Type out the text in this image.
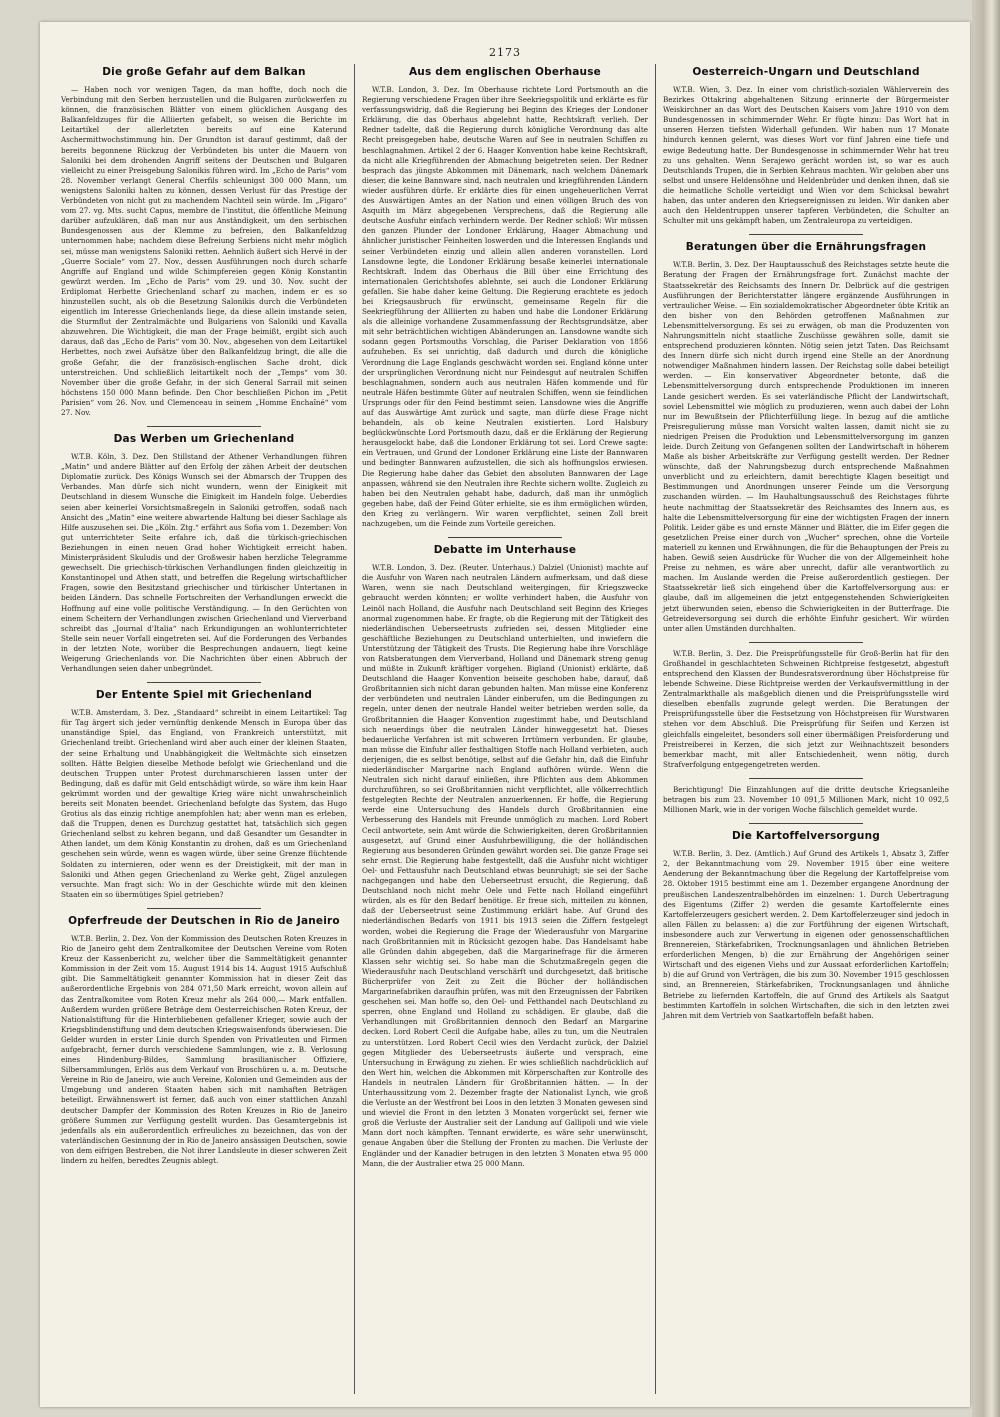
2173
Die große Gefahr auf dem Balkan

— Haben noch vor wenigen Tagen, da man hoffte, doch noch die Verbindung mit den Serben herzustellen und die Bulgaren zurückwerfen zu können, die französischen Blätter von einem glücklichen Ausgang des Balkanfeldzuges für die Alliierten gefabelt, so weisen die Berichte im Leitartikel der allerletzten bereits auf eine Katerund Aschermittwochstimmung hin. Der Grundton ist darauf gestimmt, daß der bereits begonnene Rückzug der Verbündeten bis unter die Mauern von Saloniki bei dem drohenden Angriff seitens der Deutschen und Bulgaren vielleicht zu einer Preisgebung Salonikis führen wird. Im „Echo de Paris“ vom 28. November verlangt General Cherfils schleunigst 300 000 Mann, um wenigstens Saloniki halten zu können, dessen Verlust für das Prestige der Verbündeten von nicht gut zu machendem Nachteil sein würde. Im „Figaro“ vom 27. vg. Mts. sucht Capus, membre de l'institut, die öffentliche Meinung darüber aufzuklären, daß man nur aus Anständigkeit, um den serbischen Bundesgenossen aus der Klemme zu befreien, den Balkanfeldzug unternommen habe; nachdem diese Befreiung Serbiens nicht mehr möglich sei, müsse man wenigstens Saloniki retten. Aehnlich äußert sich Hervé in der „Guerre Sociale“ vom 27. Nov., dessen Ausführungen noch durch scharfe Angriffe auf England und wilde Schimpfereien gegen König Konstantin gewürzt werden. Im „Echo de Paris“ vom 29. und 30. Nov. sucht der Erdiplomat Herbette Griechenland scharf zu machen, indem er es so hinzustellen sucht, als ob die Besetzung Salonikis durch die Verbündeten eigentlich im Interesse Griechenlands liege, da diese allein imstande seien, die Sturmflut der Zentralmächte und Bulgariens von Saloniki und Kavalla abzuwehren. Die Wichtigkeit, die man der Frage beimißt, ergibt sich auch daraus, daß das „Echo de Paris“ vom 30. Nov., abgesehen von dem Leitartikel Herbettes, noch zwei Aufsätze über den Balkanfeldzug bringt, die alle die große Gefahr, die der französisch-englischen Sache droht, dick unterstreichen. Und schließlich leitartikelt noch der „Temps“ vom 30. November über die große Gefahr, in der sich General Sarrail mit seinen höchstens 150 000 Mann befinde. Den Chor beschließen Pichon im „Petit Parisien“ vom 26. Nov. und Clemenceau in seinem „Homme Enchaîné“ vom 27. Nov.

Das Werben um Griechenland

W.T.B. Köln, 3. Dez. Den Stillstand der Athener Verhandlungen führen „Matin“ und andere Blätter auf den Erfolg der zähen Arbeit der deutschen Diplomatie zurück. Des Königs Wunsch sei der Abmarsch der Truppen des Verbandes. Man dürfe sich nicht wundern, wenn der Einigkeit mit Deutschland in diesem Wunsche die Einigkeit im Handeln folge. Ueberdies seien aber keinerlei Vorsichtsmaßregeln in Saloniki getroffen, sodaß nach Ansicht des „Matin“ eine weitere abwartende Haltung bei dieser Sachlage als Hilfe auszusehen sei. Die „Köln. Ztg.“ erfährt aus Sofia vom 1. Dezember: Von gut unterrichteter Seite erfahre ich, daß die türkisch-griechischen Beziehungen in einen neuen Grad hoher Wichtigkeit erreicht haben. Ministerpräsident Skuludis und der Großwesir haben herzliche Telegramme gewechselt. Die griechisch-türkischen Verhandlungen finden gleichzeitig in Konstantinopel und Athen statt, und betreffen die Regelung wirtschaftlicher Fragen, sowie den Besitzstand griechischer und türkischer Untertanen in beiden Ländern. Das schnelle Fortschreiten der Verhandlungen erweckt die Hoffnung auf eine volle politische Verständigung. — In den Gerüchten von einem Scheitern der Verhandlungen zwischen Griechenland und Vierverband schreibt das „Journal d'Italia“ nach Erkundigungen an wohlunterrichteter Stelle sein neuer Vorfall eingetreten sei. Auf die Forderungen des Verbandes in der letzten Note, worüber die Besprechungen andauern, liegt keine Weigerung Griechenlands vor. Die Nachrichten über einen Abbruch der Verhandlungen seien daher unbegründet.

Der Entente Spiel mit Griechenland

W.T.B. Amsterdam, 3. Dez. „Standaard“ schreibt in einem Leitartikel: Tag für Tag ärgert sich jeder vernünftig denkende Mensch in Europa über das unanständige Spiel, das England, von Frankreich unterstützt, mit Griechenland treibt. Griechenland wird aber auch einer der kleinen Staaten, der seine Erhaltung und Unabhängigkeit die Weltmächte sich einsetzen sollten. Hätte Belgien dieselbe Methode befolgt wie Griechenland und die deutschen Truppen unter Protest durchmarschieren lassen unter der Bedingung, daß es dafür mit Geld entschädigt würde, so wäre ihm kein Haar gekrümmt worden und der gewaltige Krieg wäre nicht unwahrscheinlich bereits seit Monaten beendet. Griechenland befolgte das System, das Hugo Grotius als das einzig richtige anempfohlen hat; aber wenn man es erleben, daß die Truppen, denen es Durchzug gestattet hat, tatsächlich sich gegen Griechenland selbst zu kehren begann, und daß Gesandter um Gesandter in Athen landet, um dem König Konstantin zu drohen, daß es um Griechenland geschehen sein würde, wenn es wagen würde, über seine Grenze flüchtende Soldaten zu internieren, oder wenn es der Dreistigkeit, mit der man in Saloniki und Athen gegen Griechenland zu Werke geht, Zügel anzulegen versuchte. Man fragt sich: Wo in der Geschichte würde mit den kleinen Staaten ein so übermütiges Spiel getrieben?

Opferfreude der Deutschen in Rio de Janeiro

W.T.B. Berlin, 2. Dez. Von der Kommission des Deutschen Roten Kreuzes in Rio de Janeiro geht dem Zentralkomitee der Deutschen Vereine vom Roten Kreuz der Kassenbericht zu, welcher über die Sammeltätigkeit genannter Kommission in der Zeit vom 15. August 1914 bis 14. August 1915 Aufschluß gibt. Die Sammeltätigkeit genannter Kommission hat in dieser Zeit das außerordentliche Ergebnis von 284 071,50 Mark erreicht, wovon allein auf das Zentralkomitee vom Roten Kreuz mehr als 264 000,— Mark entfallen. Außerdem wurden größere Beträge dem Oesterreichischen Roten Kreuz, der Nationalstiftung für die Hinterbliebenen gefallener Krieger, sowie auch der Kriegsblindenstiftung und dem deutschen Kriegswaisenfonds überwiesen. Die Gelder wurden in erster Linie durch Spenden von Privatleuten und Firmen aufgebracht, ferner durch verschiedene Sammlungen, wie z. B. Verlosung eines Hindenburg-Bildes, Sammlung brasilianischer Offiziere, Silbersammlungen, Erlös aus dem Verkauf von Broschüren u. a. m. Deutsche Vereine in Rio de Janeiro, wie auch Vereine, Kolonien und Gemeinden aus der Umgebung und anderen Staaten haben sich mit namhaften Beträgen beteiligt. Erwähnenswert ist ferner, daß auch von einer stattlichen Anzahl deutscher Dampfer der Kommission des Roten Kreuzes in Rio de Janeiro größere Summen zur Verfügung gestellt wurden. Das Gesamtergebnis ist jedenfalls als ein außerordentlich erfreuliches zu bezeichnen, das von der vaterländischen Gesinnung der in Rio de Janeiro ansässigen Deutschen, sowie von dem eifrigen Bestreben, die Not ihrer Landsleute in dieser schweren Zeit lindern zu helfen, beredtes Zeugnis ablegt.

Aus dem englischen Oberhause

W.T.B. London, 3. Dez. Im Oberhause richtete Lord Portsmouth an die Regierung verschiedene Fragen über ihre Seekriegspolitik und erklärte es für verfassungswidrig, daß die Regierung bei Beginn des Krieges der Londoner Erklärung, die das Oberhaus abgelehnt hatte, Rechtskraft verlieh. Der Redner tadelte, daß die Regierung durch königliche Verordnung das alte Recht preisgegeben habe, deutsche Waren auf See in neutralen Schiffen zu beschlagnahmen. Artikel 2 der 6. Haager Konvention habe keine Rechtskraft, da nicht alle Kriegführenden der Abmachung beigetreten seien. Der Redner besprach das jüngste Abkommen mit Dänemark, nach welchem Dänemark dieser, die keine Bannware sind, nach neutralen und kriegführenden Ländern wieder ausführen dürfe. Er erklärte dies für einen ungeheuerlichen Verrat des Auswärtigen Amtes an der Nation und einen völligen Bruch des von Asquith im März abgegebenen Versprechens, daß die Regierung alle deutsche Ausfuhr einfach verhindern werde. Der Redner schloß: Wir müssen den ganzen Plunder der Londoner Erklärung, Haager Abmachung und ähnlicher juristischer Feinheiten loswerden und die Interessen Englands und seiner Verbündeten einzig und allein allen anderen voranstellen. Lord Lansdowne legte, die Londoner Erklärung besaße keinerlei internationale Rechtskraft. Indem das Oberhaus die Bill über eine Errichtung des internationalen Gerichtshofes ablehnte, sei auch die Londoner Erklärung gefallen. Sie habe daher keine Geltung. Die Regierung erachtete es jedoch bei Kriegsausbruch für erwünscht, gemeinsame Regeln für die Seekriegführung der Alliierten zu haben und habe die Londoner Erklärung als die alleinige vorhandene Zusammenfassung der Rechtsgrundsätze, aber mit sehr beträchtlichen wichtigen Abänderungen an. Lansdowne wandte sich sodann gegen Portsmouths Vorschlag, die Pariser Deklaration von 1856 aufzuheben. Es sei unrichtig, daß dadurch und durch die königliche Verordnung die Lage Englands geschwächt worden sei. England könne unter der ursprünglichen Verordnung nicht nur Feindesgut auf neutralen Schiffen beschlagnahmen, sondern auch aus neutralen Häfen kommende und für neutrale Häfen bestimmte Güter auf neutralen Schiffen, wenn sie feindlichen Ursprungs oder für den Feind bestimmt seien. Lansdowne wies die Angriffe auf das Auswärtige Amt zurück und sagte, man dürfe diese Frage nicht behandeln, als ob keine Neutralen existierten. Lord Halsbury beglückwünschte Lord Portsmouth dazu, daß er die Erklärung der Regierung herausgelockt habe, daß die Londoner Erklärung tot sei. Lord Crewe sagte: ein Vertrauen, und Grund der Londoner Erklärung eine Liste der Bannwaren und bedingter Bannwaren aufzustellen, die sich als hoffnungslos erwiesen. Die Regierung habe daher das Gebiet den absoluten Bannwaren der Lage anpassen, während sie den Neutralen ihre Rechte sichern wollte. Zugleich zu haben bei den Neutralen gehabt habe, dadurch, daß man ihr unmöglich gegeben habe, daß der Feind Güter erhielte, sie es ihm ermöglichen würden, den Krieg zu verlängern. Wir waren verpflichtet, seinen Zoll breit nachzugeben, um die Feinde zum Vorteile gereichen.

Debatte im Unterhause

W.T.B. London, 3. Dez. (Reuter. Unterhaus.) Dalziel (Unionist) machte auf die Ausfuhr von Waren nach neutralen Ländern aufmerksam, und daß diese Waren, wenn sie nach Deutschland weitergingen, für Kriegszwecke gebraucht werden könnten; er wollte verhindert haben, die Ausfuhr von Leinöl nach Holland, die Ausfuhr nach Deutschland seit Beginn des Krieges anormal zugenommen habe. Er fragte, ob die Regierung mit der Tätigkeit des niederländischen Ueberseetrusts zufrieden sei, dessen Mitglieder eine geschäftliche Beziehungen zu Deutschland unterhielten, und inwiefern die Unterstützung der Tätigkeit des Trusts. Die Regierung habe ihre Vorschläge von Ratsberatungen dem Vierverband, Holland und Dänemark streng genug und müßte in Zukunft kräftiger vorgehen. Bigland (Unionist) erklärte, daß Deutschland die Haager Konvention beiseite geschoben habe, darauf, daß Großbritannien sich nicht daran gebunden halten. Man müsse eine Konferenz der verbündeten und neutralen Länder einberufen, um die Bedingungen zu regeln, unter denen der neutrale Handel weiter betrieben werden solle, da Großbritannien die Haager Konvention zugestimmt habe, und Deutschland sich neuerdings über die neutralen Länder hinweggesetzt hat. Dieses bedauerliche Verfahren ist mit schweren Irrtümern verbunden. Er glaube, man müsse die Einfuhr aller festhaltigen Stoffe nach Holland verbieten, auch derjenigen, die es selbst benötige, selbst auf die Gefahr hin, daß die Einfuhr niederländischer Margarine nach England aufhören würde. Wenn die Neutralen sich nicht darauf einließen, ihre Pflichten aus dem Abkommen durchzuführen, so sei Großbritannien nicht verpflichtet, alle völkerrechtlich festgelegten Rechte der Neutralen anzuerkennen. Er hoffe, die Regierung werde eine Untersuchung des Handels durch Großbritannien eine Verbesserung des Handels mit Freunde unmöglich zu machen. Lord Robert Cecil antwortete, sein Amt würde die Schwierigkeiten, deren Großbritannien ausgesetzt, auf Grund einer Ausfuhrbewilligung, die der holländischen Regierung aus besonderen Gründen gewährt worden sei. Die ganze Frage sei sehr ernst. Die Regierung habe festgestellt, daß die Ausfuhr nicht wichtiger Oel- und Fettausfuhr nach Deutschland etwas beunruhigt; sie sei der Sache nachgegangen und habe den Ueberseetrust ersucht, die Regierung, daß Deutschland noch nicht mehr Oele und Fette nach Holland eingeführt würden, als es für den Bedarf benötige. Er freue sich, mitteilen zu können, daß der Ueberseetrust seine Zustimmung erklärt habe. Auf Grund des niederländischen Bedarfs von 1911 bis 1913 seien die Ziffern festgelegt worden, wobei die Regierung die Frage der Wiederausfuhr von Margarine nach Großbritannien mit in Rücksicht gezogen habe. Das Handelsamt habe alle Gründen dahin abgegeben, daß die Margarinefrage für die ärmeren Klassen sehr wichtig sei. So habe man die Schutzmaßregeln gegen die Wiederausfuhr nach Deutschland verschärft und durchgesetzt, daß britische Bücherprüfer von Zeit zu Zeit die Bücher der holländischen Margarinefabriken daraufhin prüfen, was mit den Erzeugnissen der Fabriken geschehen sei. Man hoffe so, den Oel- und Fetthandel nach Deutschland zu sperren, ohne England und Holland zu schädigen. Er glaube, daß die Verhandlungen mit Großbritannien dennoch den Bedarf an Margarine decken. Lord Robert Cecil die Aufgabe habe, alles zu tun, um die Neutralen zu unterstützen. Lord Robert Cecil wies den Verdacht zurück, der Dalziel gegen Mitglieder des Ueberseetrusts äußerte und versprach, eine Untersuchung in Erwägung zu ziehen. Er wies schließlich nachdrücklich auf den Wert hin, welchen die Abkommen mit Körperschaften zur Kontrolle des Handels in neutralen Ländern für Großbritannien hätten. — In der Unterhaussitzung vom 2. Dezember fragte der Nationalist Lynch, wie groß die Verluste an der Westfront bei Loos in den letzten 3 Monaten gewesen sind und wieviel die Front in den letzten 3 Monaten vorgerückt sei, ferner wie groß die Verluste der Australier seit der Landung auf Gallipoli und wie viele Mann dort noch kämpften. Tennant erwiderte, es wäre sehr unerwünscht, genaue Angaben über die Stellung der Fronten zu machen. Die Verluste der Engländer und der Kanadier betrugen in den letzten 3 Monaten etwa 95 000 Mann, die der Australier etwa 25 000 Mann.

Oesterreich-Ungarn und Deutschland

W.T.B. Wien, 3. Dez. In einer vom christlich-sozialen Wählerverein des Bezirkes Ottakring abgehaltenen Sitzung erinnerte der Bürgermeister Weiskirchner an das Wort des Deutschen Kaisers vom Jahre 1910 von dem Bundesgenossen in schimmernder Wehr. Er fügte hinzu: Das Wort hat in unseren Herzen tiefsten Widerhall gefunden. Wir haben nun 17 Monate hindurch kennen gelernt, was dieses Wort vor fünf Jahren eine tiefe und ewige Bedeutung hatte. Der Bundesgenosse in schimmernder Wehr hat treu zu uns gehalten. Wenn Serajewo gerächt worden ist, so war es auch Deutschlands Trupen, die in Serbien Kehraus machten. Wir geloben aber uns selbst und unsere Heldensöhne und Heldenbrüder und denken ihnen, daß sie die heimatliche Scholle verteidigt und Wien vor dem Schicksal bewahrt haben, das unter anderen den Kriegsereignissen zu leiden. Wir danken aber auch den Heldentruppen unserer tapferen Verbündeten, die Schulter an Schulter mit uns gekämpft haben, um Zentraleuropa zu verteidigen.

Beratungen über die Ernährungsfragen

W.T.B. Berlin, 3. Dez. Der Hauptausschuß des Reichstages setzte heute die Beratung der Fragen der Ernährungsfrage fort. Zunächst machte der Staatssekretär des Reichsamts des Innern Dr. Delbrück auf die gestrigen Ausführungen der Berichterstatter längere ergänzende Ausführungen in vertraulicher Weise. — Ein sozialdemokratischer Abgeordneter übte Kritik an den bisher von den Behörden getroffenen Maßnahmen zur Lebensmittelversorgung. Es sei zu erwägen, ob man die Produzenten von Nahrungsmitteln nicht staatliche Zuschüsse gewähren solle, damit sie entsprechend produzieren könnten. Nötig seien jetzt Taten. Das Reichsamt des Innern dürfe sich nicht durch irgend eine Stelle an der Anordnung notwendiger Maßnahmen hindern lassen. Der Reichstag solle dabei beteiligt werden. — Ein konservativer Abgeordneter betonte, daß die Lebensmittelversorgung durch entsprechende Produktionen im inneren Lande gesichert werden. Es sei vaterländische Pflicht der Landwirtschaft, soviel Lebensmittel wie möglich zu produzieren, wenn auch dabei der Lohn nur im Bewußtsein der Pflichterfüllung liege. In bezug auf die amtliche Preisregulierung müsse man Vorsicht walten lassen, damit nicht sie zu niedrigen Preisen die Produktion und Lebensmittelversorgung im ganzen leide. Durch Zeitung von Gefangenen sollten der Landwirtschaft in höherem Maße als bisher Arbeitskräfte zur Verfügung gestellt werden. Der Redner wünschte, daß der Nahrungsbezug durch entsprechende Maßnahmen unverblicht und zu erleichtern, damit berechtigte Klagen beseitigt und Bestimmungen und Anordnungen unserer Feinde um die Versorgung zuschanden würden. — Im Hauhaltungsausschuß des Reichstages führte heute nachmittag der Staatssekretär des Reichsamtes des Innern aus, es halte die Lebensmittelversorgung für eine der wichtigsten Fragen der innern Politik. Leider gäbe es und ernste Männer und Blätter, die im Eifer gegen die gesetzlichen Preise einer durch von „Wucher“ sprechen, ohne die Vorteile materiell zu kennen und Erwähnungen, die für die Behauptungen der Preis zu haben. Gewiß seien Ausdrücke für Wucher die von der Allgemeinheit hohe Preise zu nehmen, es wäre aber unrecht, dafür alle verantwortlich zu machen. Im Auslande werden die Preise außerordentlich gestiegen. Der Staatssekretär ließ sich eingehend über die Kartoffelversorgung aus: er glaube, daß im allgemeinen die jetzt entgegenstehenden Schwierigkeiten jetzt überwunden seien, ebenso die Schwierigkeiten in der Butterfrage. Die Getreideversorgung sei durch die erhöhte Einfuhr gesichert. Wir würden unter allen Umständen durchhalten.

W.T.B. Berlin, 3. Dez. Die Preisprüfungsstelle für Groß-Berlin hat für den Großhandel in geschlachteten Schweinen Richtpreise festgesetzt, abgestuft entsprechend den Klassen der Bundesratsverordnung über Höchstpreise für lebende Schweine. Diese Richtpreise werden der Verkaufsvermittlung in der Zentralmarkthalle als maßgeblich dienen und die Preisprüfungsstelle wird dieselben ebenfalls zugrunde gelegt werden. Die Beratungen der Preisprüfungsstelle über die Festsetzung von Höchstpreisen für Wurstwaren stehen vor dem Abschluß. Die Preisprüfung für Seifen und Kerzen ist gleichfalls eingeleitet, besonders soll einer übermäßigen Preisforderung und Preistreiberei in Kerzen, die sich jetzt zur Weihnachtszeit besonders bemerkbar macht, mit aller Entschiedenheit, wenn nötig, durch Strafverfolgung entgegengetreten werden.

Berichtigung! Die Einzahlungen auf die dritte deutsche Kriegsanleihe betragen bis zum 23. November 10 091,5 Millionen Mark, nicht 10 092,5 Millionen Mark, wie in der vorigen Woche fälschlich gemeldet wurde.

Die Kartoffelversorgung

W.T.B. Berlin, 3. Dez. (Amtlich.) Auf Grund des Artikels 1, Absatz 3, Ziffer 2, der Bekanntmachung vom 29. November 1915 über eine weitere Aenderung der Bekanntmachung über die Regelung der Kartoffelpreise vom 28. Oktober 1915 bestimmt eine am 1. Dezember ergangene Anordnung der preußischen Landeszentralbehörden im einzelnen: 1. Durch Uebertragung des Eigentums (Ziffer 2) werden die gesamte Kartoffelernte eines Kartoffelerzeugers gesichert werden. 2. Dem Kartoffelerzeuger sind jedoch in allen Fällen zu belassen: a) die zur Fortführung der eigenen Wirtschaft, insbesondere auch zur Verwertung in eigenen oder genossenschaftlichen Brennereien, Stärkefabriken, Trocknungsanlagen und ähnlichen Betrieben erforderlichen Mengen, b) die zur Ernährung der Angehörigen seiner Wirtschaft und des eigenen Viehs und zur Aussaat erforderlichen Kartoffeln; b) die auf Grund von Verträgen, die bis zum 30. November 1915 geschlossen sind, an Brennereien, Stärkefabriken, Trocknungsanlagen und ähnliche Betriebe zu liefernden Kartoffeln, die auf Grund des Artikels als Saatgut bestimmten Kartoffeln in solchen Wirtschaften, die sich in den letzten zwei Jahren mit dem Vertrieb von Saatkartoffeln befaßt haben.
